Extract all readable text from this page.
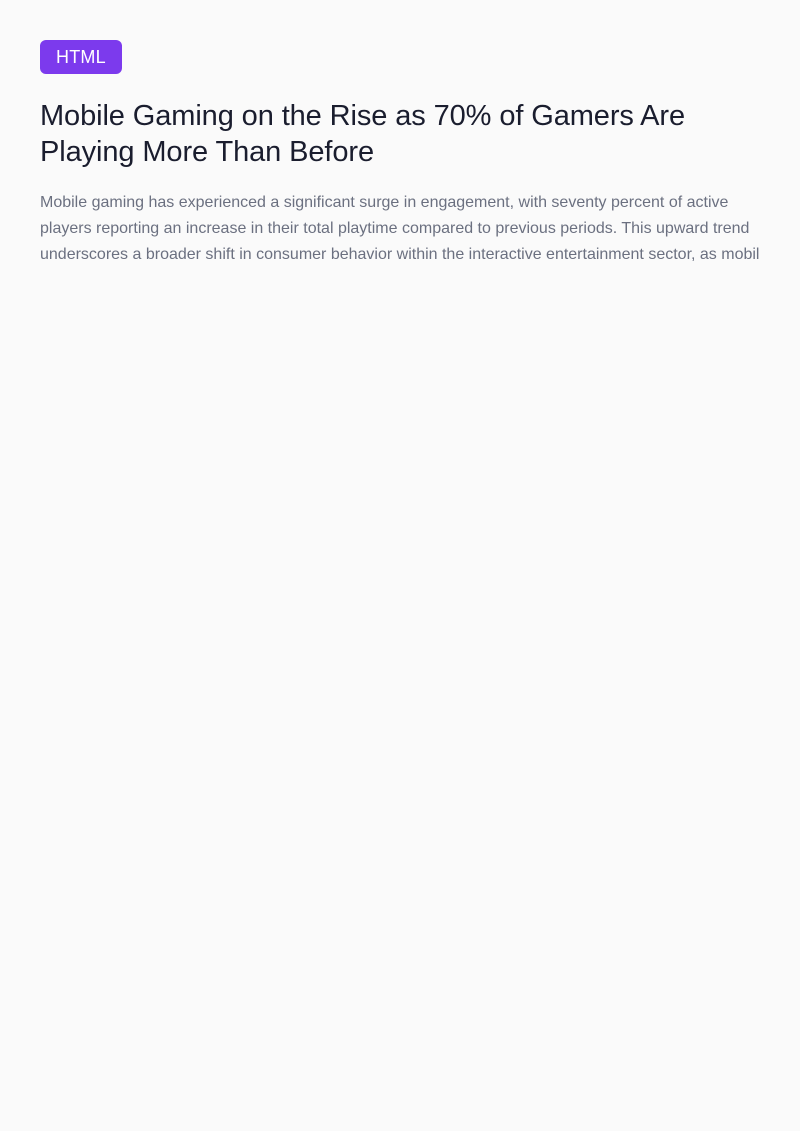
HTML
Mobile Gaming on the Rise as 70% of Gamers Are Playing More Than Before

Mobile gaming has experienced a significant surge in engagement, with seventy percent of active players reporting an increase in their total playtime compared to previous periods. This upward trend underscores a broader shift in consumer behavior within the interactive entertainment sector, as mobil
